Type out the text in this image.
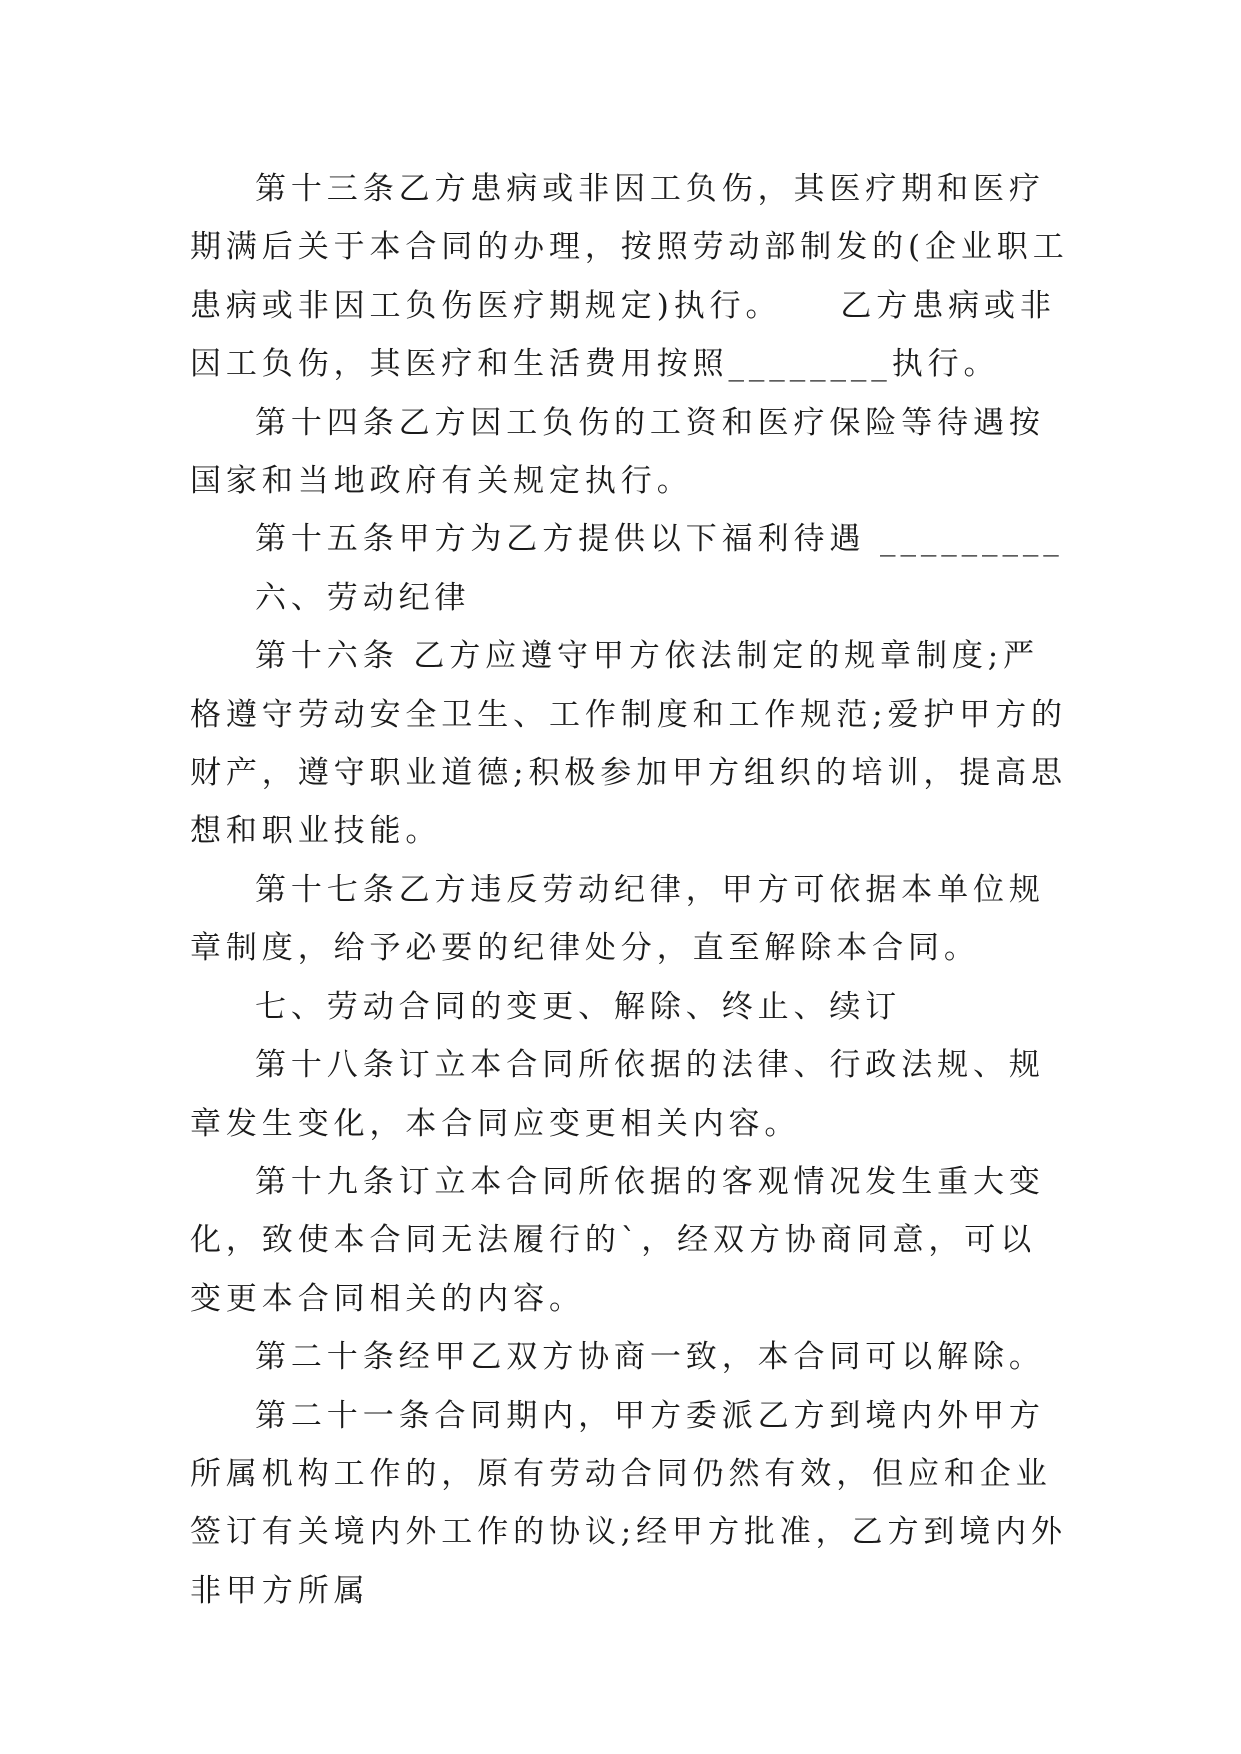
第十三条乙方患病或非因工负伤，其医疗期和医疗期满后关于本合同的办理，按照劳动部制发的(企业职工患病或非因工负伤医疗期规定)执行。    乙方患病或非因工负伤，其医疗和生活费用按照________执行。

第十四条乙方因工负伤的工资和医疗保险等待遇按国家和当地政府有关规定执行。

第十五条甲方为乙方提供以下福利待遇 _________

六、劳动纪律

第十六条 乙方应遵守甲方依法制定的规章制度;严格遵守劳动安全卫生、工作制度和工作规范;爱护甲方的财产，遵守职业道德;积极参加甲方组织的培训，提高思想和职业技能。

第十七条乙方违反劳动纪律，甲方可依据本单位规章制度，给予必要的纪律处分，直至解除本合同。

七、劳动合同的变更、解除、终止、续订

第十八条订立本合同所依据的法律、行政法规、规章发生变化，本合同应变更相关内容。

第十九条订立本合同所依据的客观情况发生重大变化，致使本合同无法履行的`，经双方协商同意，可以变更本合同相关的内容。

第二十条经甲乙双方协商一致，本合同可以解除。

第二十一条合同期内，甲方委派乙方到境内外甲方所属机构工作的，原有劳动合同仍然有效，但应和企业签订有关境内外工作的协议;经甲方批准，乙方到境内外非甲方所属
